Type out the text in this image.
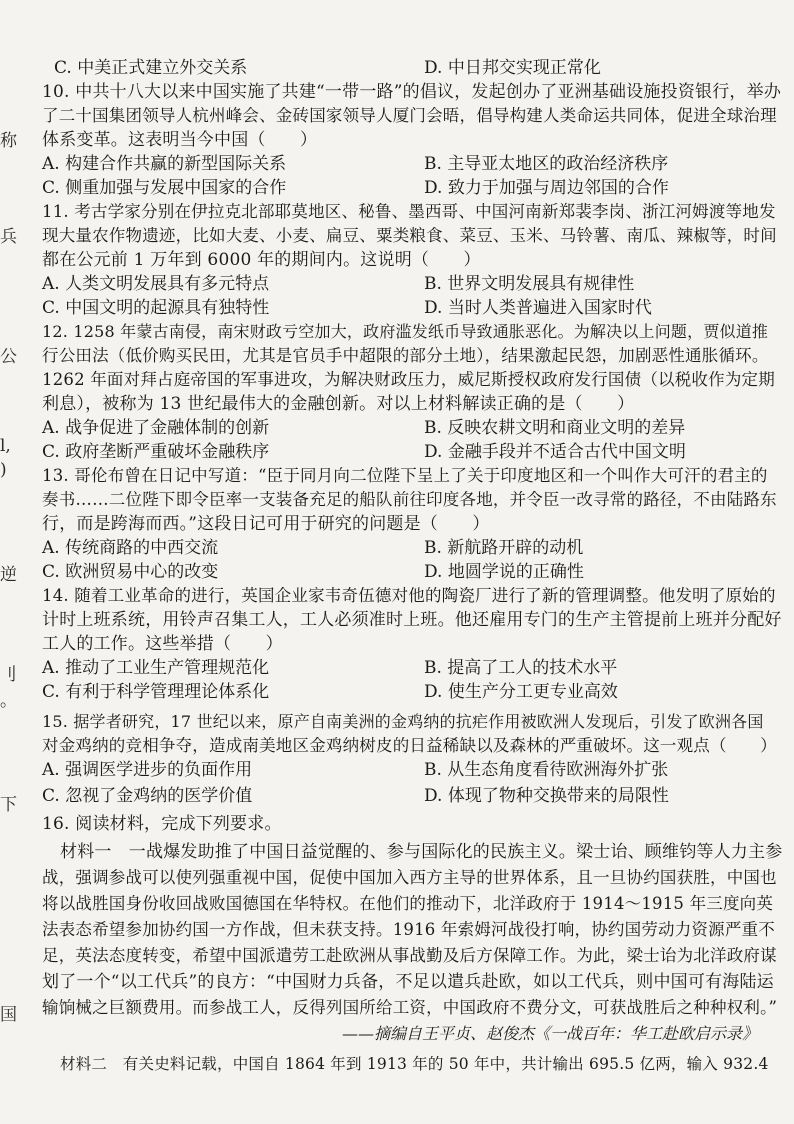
称
兵
公
l,
)
逆
刂
。
下
国
C. 中美正式建立外交关系	D. 中日邦交实现正常化
10. 中共十八大以来中国实施了共建“一带一路”的倡议，发起创办了亚洲基础设施投资银行，举办
了二十国集团领导人杭州峰会、金砖国家领导人厦门会晤，倡导构建人类命运共同体，促进全球治理
体系变革。这表明当今中国（　　）
A. 构建合作共赢的新型国际关系	B. 主导亚太地区的政治经济秩序
C. 侧重加强与发展中国家的合作	D. 致力于加强与周边邻国的合作
11. 考古学家分别在伊拉克北部耶莫地区、秘鲁、墨西哥、中国河南新郑裴李岗、浙江河姆渡等地发
现大量农作物遗迹，比如大麦、小麦、扁豆、粟类粮食、菜豆、玉米、马铃薯、南瓜、辣椒等，时间
都在公元前 1 万年到 6000 年的期间内。这说明（　　）
A. 人类文明发展具有多元特点	B. 世界文明发展具有规律性
C. 中国文明的起源具有独特性	D. 当时人类普遍进入国家时代
12. 1258 年蒙古南侵，南宋财政亏空加大，政府滥发纸币导致通胀恶化。为解决以上问题，贾似道推
行公田法（低价购买民田，尤其是官员手中超限的部分土地），结果激起民怨，加剧恶性通胀循环。
1262 年面对拜占庭帝国的军事进攻，为解决财政压力，威尼斯授权政府发行国债（以税收作为定期
利息），被称为 13 世纪最伟大的金融创新。对以上材料解读正确的是（　　）
A. 战争促进了金融体制的创新	B. 反映农耕文明和商业文明的差异
C. 政府垄断严重破坏金融秩序	D. 金融手段并不适合古代中国文明
13. 哥伦布曾在日记中写道：“臣于同月向二位陛下呈上了关于印度地区和一个叫作大可汗的君主的
奏书……二位陛下即令臣率一支装备充足的船队前往印度各地，并令臣一改寻常的路径，不由陆路东
行，而是跨海而西。”这段日记可用于研究的问题是（　　）
A. 传统商路的中西交流	B. 新航路开辟的动机
C. 欧洲贸易中心的改变	D. 地圆学说的正确性
14. 随着工业革命的进行，英国企业家韦奇伍德对他的陶瓷厂进行了新的管理调整。他发明了原始的
计时上班系统，用铃声召集工人，工人必须准时上班。他还雇用专门的生产主管提前上班并分配好
工人的工作。这些举措（　　）
A. 推动了工业生产管理规范化	B. 提高了工人的技术水平
C. 有利于科学管理理论体系化	D. 使生产分工更专业高效
15. 据学者研究，17 世纪以来，原产自南美洲的金鸡纳的抗疟作用被欧洲人发现后，引发了欧洲各国
对金鸡纳的竞相争夺，造成南美地区金鸡纳树皮的日益稀缺以及森林的严重破坏。这一观点（　　）
A. 强调医学进步的负面作用	B. 从生态角度看待欧洲海外扩张
C. 忽视了金鸡纳的医学价值	D. 体现了物种交换带来的局限性
16. 阅读材料，完成下列要求。
材料一　一战爆发助推了中国日益觉醒的、参与国际化的民族主义。梁士诒、顾维钧等人力主参
战，强调参战可以使列强重视中国，促使中国加入西方主导的世界体系，且一旦协约国获胜，中国也
将以战胜国身份收回战败国德国在华特权。在他们的推动下，北洋政府于 1914～1915 年三度向英
法表态希望参加协约国一方作战，但未获支持。1916 年索姆河战役打响，协约国劳动力资源严重不
足，英法态度转变，希望中国派遣劳工赴欧洲从事战勤及后方保障工作。为此，梁士诒为北洋政府谋
划了一个“以工代兵”的良方：“中国财力兵备，不足以遣兵赴欧，如以工代兵，则中国可有海陆运
输饷械之巨额费用。而参战工人，反得列国所给工资，中国政府不费分文，可获战胜后之种种权利。”
——摘编自王平贞、赵俊杰《一战百年：华工赴欧启示录》
材料二　有关史料记载，中国自 1864 年到 1913 年的 50 年中，共计输出 695.5 亿两，输入 932.4
